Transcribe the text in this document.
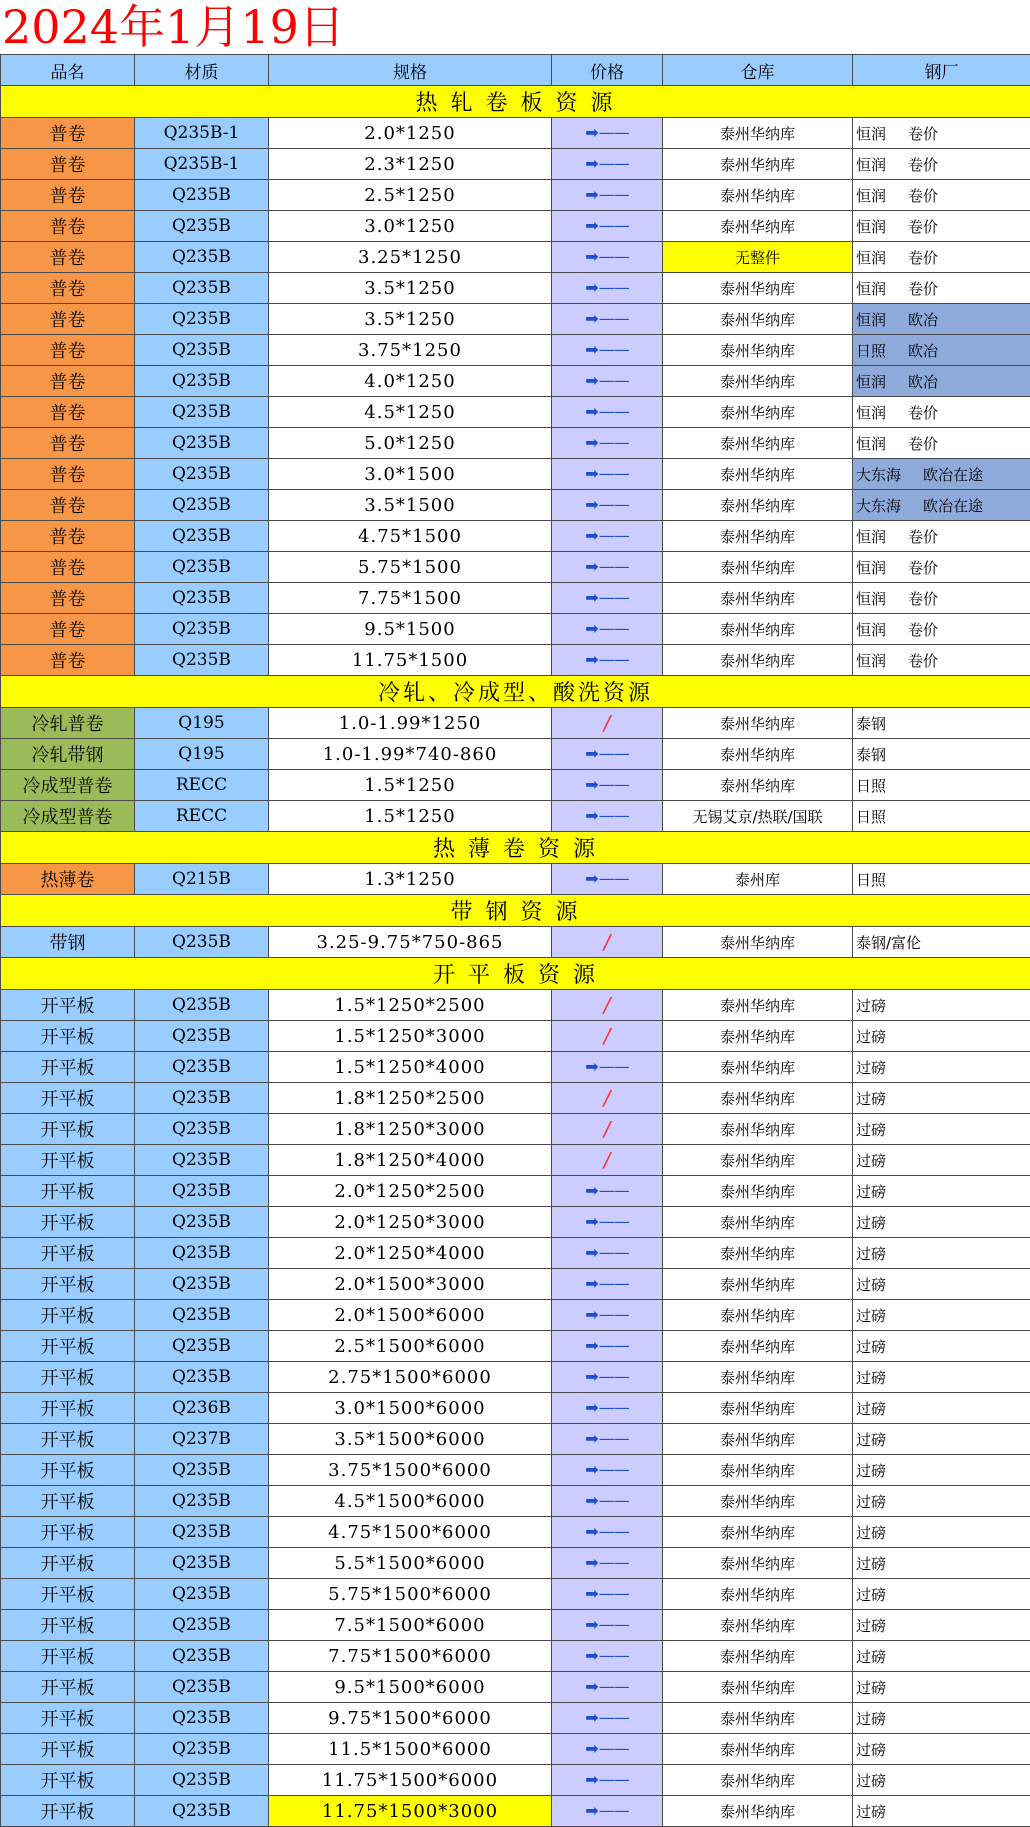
2024年1月19日
品名	材质	规格	价格	仓库	钢厂
热 轧 卷 板 资 源					
普卷	Q235B-1	2.0*1250	➡——	泰州华纳库	恒润 卷价
普卷	Q235B-1	2.3*1250	➡——	泰州华纳库	恒润 卷价
普卷	Q235B	2.5*1250	➡——	泰州华纳库	恒润 卷价
普卷	Q235B	3.0*1250	➡——	泰州华纳库	恒润 卷价
普卷	Q235B	3.25*1250	➡——	无整件	恒润 卷价
普卷	Q235B	3.5*1250	➡——	泰州华纳库	恒润 卷价
普卷	Q235B	3.5*1250	➡——	泰州华纳库	恒润 欧冶
普卷	Q235B	3.75*1250	➡——	泰州华纳库	日照 欧冶
普卷	Q235B	4.0*1250	➡——	泰州华纳库	恒润 欧冶
普卷	Q235B	4.5*1250	➡——	泰州华纳库	恒润 卷价
普卷	Q235B	5.0*1250	➡——	泰州华纳库	恒润 卷价
普卷	Q235B	3.0*1500	➡——	泰州华纳库	大东海 欧冶在途
普卷	Q235B	3.5*1500	➡——	泰州华纳库	大东海 欧冶在途
普卷	Q235B	4.75*1500	➡——	泰州华纳库	恒润 卷价
普卷	Q235B	5.75*1500	➡——	泰州华纳库	恒润 卷价
普卷	Q235B	7.75*1500	➡——	泰州华纳库	恒润 卷价
普卷	Q235B	9.5*1500	➡——	泰州华纳库	恒润 卷价
普卷	Q235B	11.75*1500	➡——	泰州华纳库	恒润 卷价
冷轧、冷成型、酸洗资源					
冷轧普卷	Q195	1.0-1.99*1250	/	泰州华纳库	泰钢
冷轧带钢	Q195	1.0-1.99*740-860	➡——	泰州华纳库	泰钢
冷成型普卷	RECC	1.5*1250	➡——	泰州华纳库	日照
冷成型普卷	RECC	1.5*1250	➡——	无锡艾京/热联/国联	日照
热 薄 卷 资 源					
热薄卷	Q215B	1.3*1250	➡——	泰州库	日照
带 钢 资 源					
带钢	Q235B	3.25-9.75*750-865	/	泰州华纳库	泰钢/富伦
开 平 板 资 源					
开平板	Q235B	1.5*1250*2500	/	泰州华纳库	过磅
开平板	Q235B	1.5*1250*3000	/	泰州华纳库	过磅
开平板	Q235B	1.5*1250*4000	➡——	泰州华纳库	过磅
开平板	Q235B	1.8*1250*2500	/	泰州华纳库	过磅
开平板	Q235B	1.8*1250*3000	/	泰州华纳库	过磅
开平板	Q235B	1.8*1250*4000	/	泰州华纳库	过磅
开平板	Q235B	2.0*1250*2500	➡——	泰州华纳库	过磅
开平板	Q235B	2.0*1250*3000	➡——	泰州华纳库	过磅
开平板	Q235B	2.0*1250*4000	➡——	泰州华纳库	过磅
开平板	Q235B	2.0*1500*3000	➡——	泰州华纳库	过磅
开平板	Q235B	2.0*1500*6000	➡——	泰州华纳库	过磅
开平板	Q235B	2.5*1500*6000	➡——	泰州华纳库	过磅
开平板	Q235B	2.75*1500*6000	➡——	泰州华纳库	过磅
开平板	Q236B	3.0*1500*6000	➡——	泰州华纳库	过磅
开平板	Q237B	3.5*1500*6000	➡——	泰州华纳库	过磅
开平板	Q235B	3.75*1500*6000	➡——	泰州华纳库	过磅
开平板	Q235B	4.5*1500*6000	➡——	泰州华纳库	过磅
开平板	Q235B	4.75*1500*6000	➡——	泰州华纳库	过磅
开平板	Q235B	5.5*1500*6000	➡——	泰州华纳库	过磅
开平板	Q235B	5.75*1500*6000	➡——	泰州华纳库	过磅
开平板	Q235B	7.5*1500*6000	➡——	泰州华纳库	过磅
开平板	Q235B	7.75*1500*6000	➡——	泰州华纳库	过磅
开平板	Q235B	9.5*1500*6000	➡——	泰州华纳库	过磅
开平板	Q235B	9.75*1500*6000	➡——	泰州华纳库	过磅
开平板	Q235B	11.5*1500*6000	➡——	泰州华纳库	过磅
开平板	Q235B	11.75*1500*6000	➡——	泰州华纳库	过磅
开平板	Q235B	11.75*1500*3000	➡——	泰州华纳库	过磅
